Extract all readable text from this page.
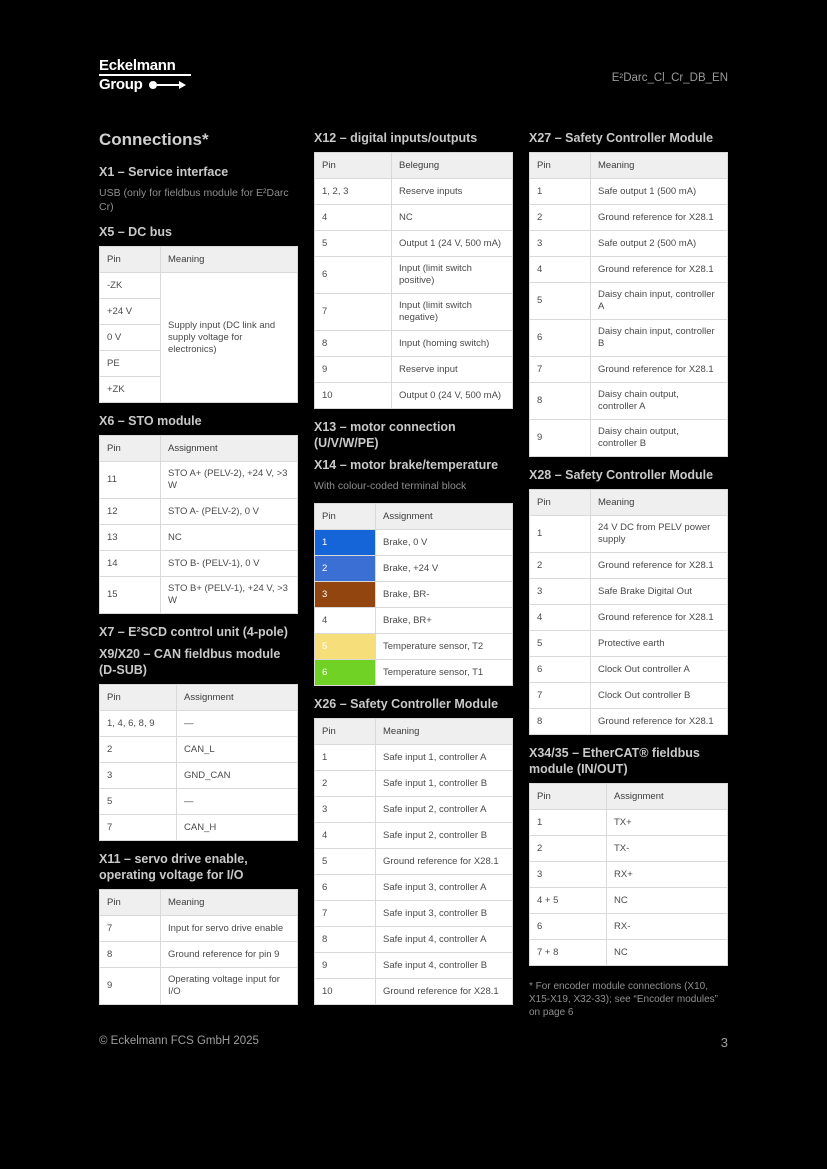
Eckelmann
Group	E²Darc_Cl_Cr_DB_EN
Connections*
X1 – Service interface

USB (only for fieldbus module for E²Darc Cr)

X5 – DC bus
Pin	Meaning
-ZK	Supply input (DC link and supply voltage for electronics)
+24 V	
0 V	
PE	
+ZK	
X6 – STO module
Pin	Assignment
11	STO A+ (PELV-2), +24 V, >3 W
12	STO A- (PELV-2), 0 V
13	NC
14	STO B- (PELV-1), 0 V
15	STO B+ (PELV-1), +24 V, >3 W
X7 – E²SCD control unit (4-pole)
X9/X20 – CAN fieldbus module (D-SUB)
Pin	Assignment
1, 4, 6, 8, 9	—
2	CAN_L
3	GND_CAN
5	—
7	CAN_H
X11 – servo drive enable, operating voltage for I/O
Pin	Meaning
7	Input for servo drive enable
8	Ground reference for pin 9
9	Operating voltage input for I/O
X12 – digital inputs/outputs
Pin	Belegung
1, 2, 3	Reserve inputs
4	NC
5	Output 1 (24 V, 500 mA)
6	Input (limit switch positive)
7	Input (limit switch negative)
8	Input (homing switch)
9	Reserve input
10	Output 0 (24 V, 500 mA)
X13 – motor connection (U/V/W/PE)
X14 – motor brake/temperature

With colour-coded terminal block

Pin	Assignment
1	Brake, 0 V
2	Brake, +24 V
3	Brake, BR-
4	Brake, BR+
5	Temperature sensor, T2
6	Temperature sensor, T1
X26 – Safety Controller Module
Pin	Meaning
1	Safe input 1, controller A
2	Safe input 1, controller B
3	Safe input 2, controller A
4	Safe input 2, controller B
5	Ground reference for X28.1
6	Safe input 3, controller A
7	Safe input 3, controller B
8	Safe input 4, controller A
9	Safe input 4, controller B
10	Ground reference for X28.1
X27 – Safety Controller Module
Pin	Meaning
1	Safe output 1 (500 mA)
2	Ground reference for X28.1
3	Safe output 2 (500 mA)
4	Ground reference for X28.1
5	Daisy chain input, controller A
6	Daisy chain input, controller B
7	Ground reference for X28.1
8	Daisy chain output, controller A
9	Daisy chain output, controller B
X28 – Safety Controller Module
Pin	Meaning
1	24 V DC from PELV power supply
2	Ground reference for X28.1
3	Safe Brake Digital Out
4	Ground reference for X28.1
5	Protective earth
6	Clock Out controller A
7	Clock Out controller B
8	Ground reference for X28.1
X34/35 – EtherCAT® fieldbus module (IN/OUT)
Pin	Assignment
1	TX+
2	TX-
3	RX+
4 + 5	NC
6	RX-
7 + 8	NC
* For encoder module connections (X10, X15-X19, X32-33); see “Encoder modules” on page 6
© Eckelmann FCS GmbH 2025	3
